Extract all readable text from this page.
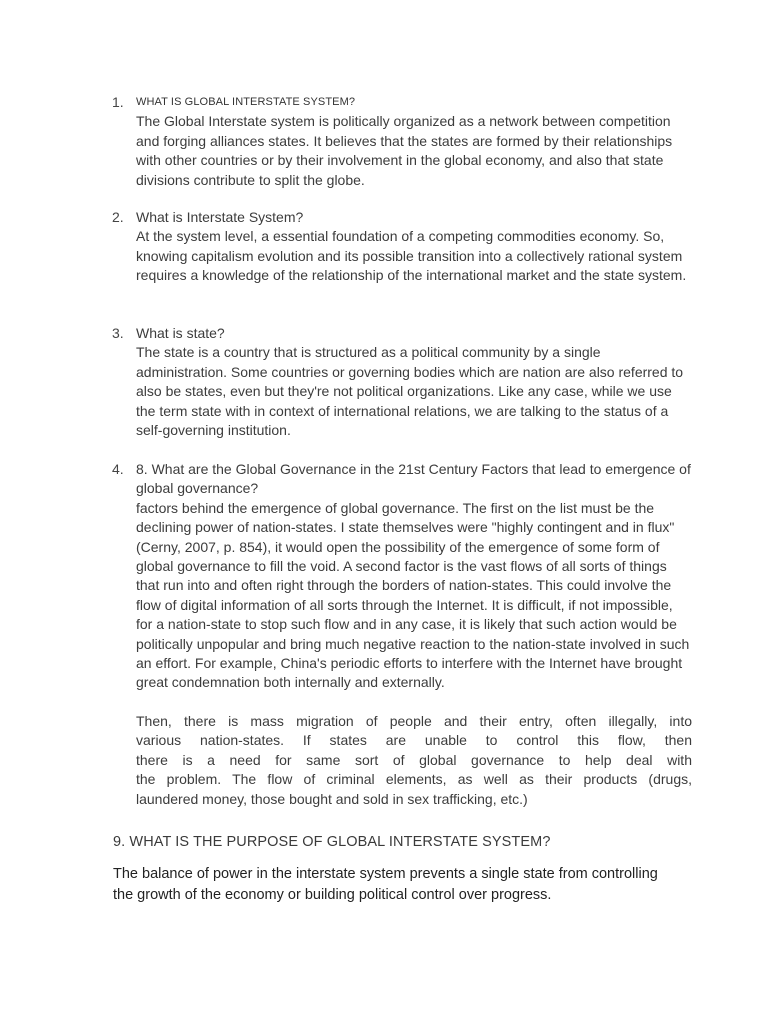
1. WHAT IS GLOBAL INTERSTATE SYSTEM?
The Global Interstate system is politically organized as a network between competition and forging alliances states. It believes that the states are formed by their relationships with other countries or by their involvement in the global economy, and also that state divisions contribute to split the globe.
2. What is Interstate System?
At the system level, a essential foundation of a competing commodities economy. So, knowing capitalism evolution and its possible transition into a collectively rational system requires a knowledge of the relationship of the international market and the state system.
3. What is state?
The state is a country that is structured as a political community by a single administration. Some countries or governing bodies which are nation are also referred to also be states, even but they're not political organizations. Like any case, while we use the term state with in context of international relations, we are talking to the status of a self-governing institution.
4. 8. What are the Global Governance in the 21st Century Factors that lead to emergence of global governance?
factors behind the emergence of global governance. The first on the list must be the declining power of nation-states. I state themselves were "highly contingent and in flux" (Cerny, 2007, p. 854), it would open the possibility of the emergence of some form of global governance to fill the void. A second factor is the vast flows of all sorts of things that run into and often right through the borders of nation-states. This could involve the flow of digital information of all sorts through the Internet. It is difficult, if not impossible, for a nation-state to stop such flow and in any case, it is likely that such action would be politically unpopular and bring much negative reaction to the nation-state involved in such an effort. For example, China's periodic efforts to interfere with the Internet have brought great condemnation both internally and externally.
Then, there is mass migration of people and their entry, often illegally, into
various nation-states. If states are unable to control this flow, then
there is a need for same sort of global governance to help deal with
the problem. The flow of criminal elements, as well as their products (drugs,
laundered money, those bought and sold in sex trafficking, etc.)
9. WHAT IS THE PURPOSE OF GLOBAL INTERSTATE SYSTEM?
The balance of power in the interstate system prevents a single state from controlling the growth of the economy or building political control over progress.
